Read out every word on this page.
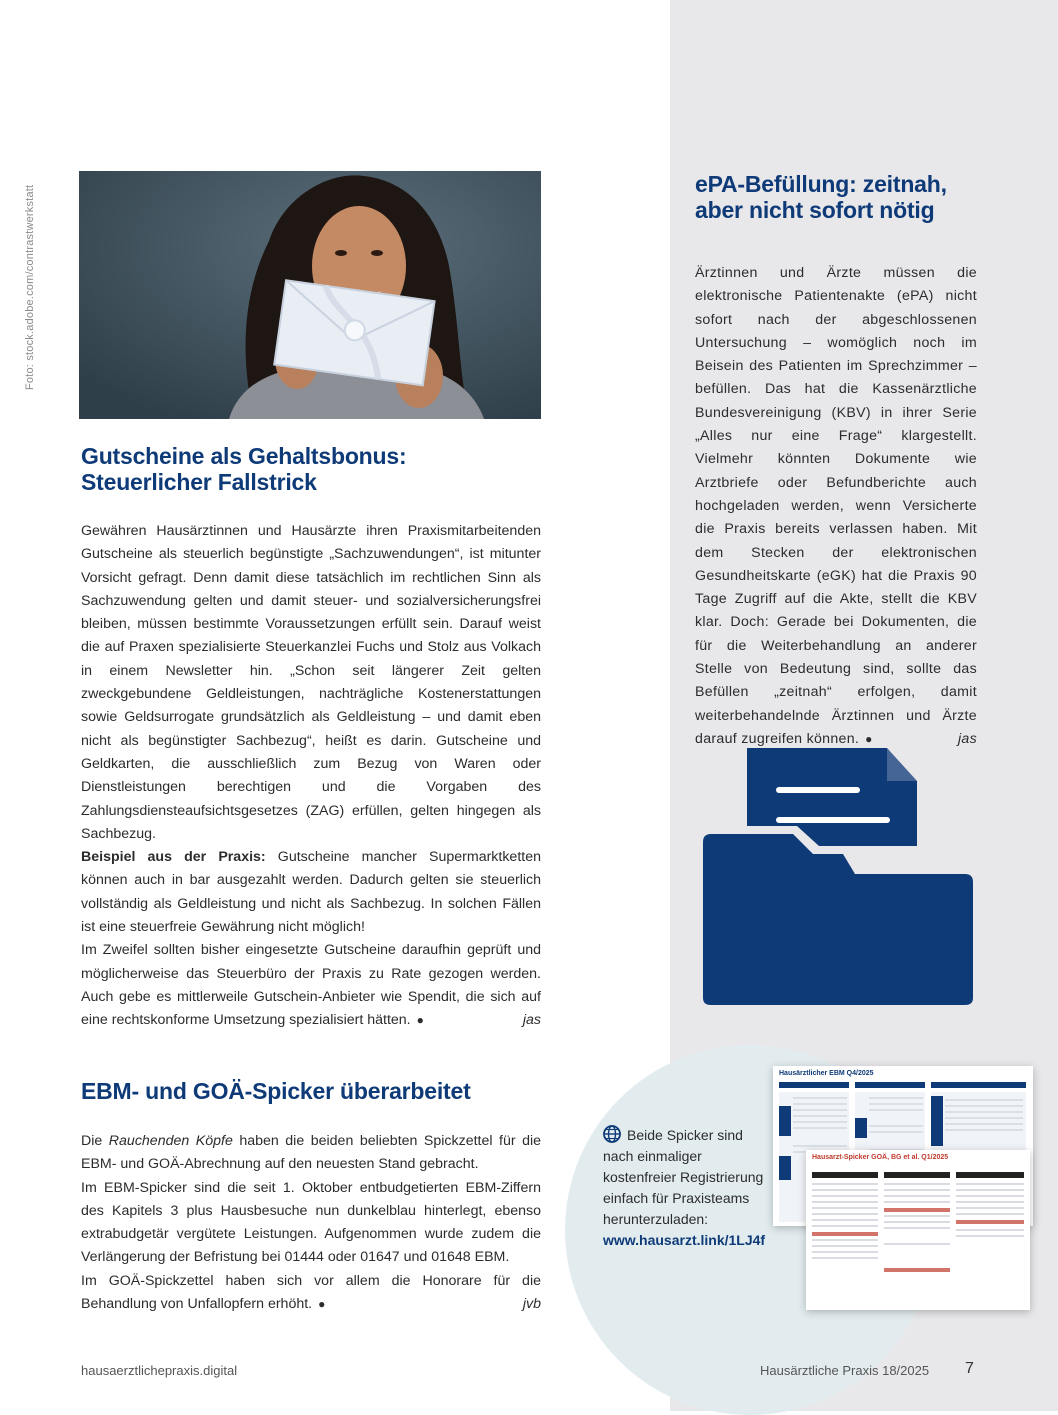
Foto: stock.adobe.com/contrastwerkstatt
Gutscheine als Gehaltsbonus:
Steuerlicher Fallstrick

Gewähren Hausärztinnen und Hausärzte ihren Praxismitarbeitenden Gutscheine als steuerlich begünstigte „Sachzuwendungen“, ist mitunter Vorsicht gefragt. Denn damit diese tatsächlich im rechtlichen Sinn als Sachzuwendung gelten und damit steuer- und sozialversicherungsfrei bleiben, müssen bestimmte Voraussetzungen erfüllt sein. Darauf weist die auf Praxen spezialisierte Steuerkanzlei Fuchs und Stolz aus Volkach in einem Newsletter hin. „Schon seit längerer Zeit gelten zweckgebundene Geldleistungen, nachträgliche Kostenerstattungen sowie Geldsurrogate grundsätzlich als Geldleistung – und damit eben nicht als begünstigter Sachbezug“, heißt es darin. Gutscheine und Geldkarten, die ausschließlich zum Bezug von Waren oder Dienstleistungen berechtigen und die Vorgaben des Zahlungsdiensteaufsichtsgesetzes (ZAG) erfüllen, gelten hingegen als Sachbezug.

Beispiel aus der Praxis: Gutscheine mancher Supermarktketten können auch in bar ausgezahlt werden. Dadurch gelten sie steuerlich vollständig als Geldleistung und nicht als Sachbezug. In solchen Fällen ist eine steuerfreie Gewährung nicht möglich!

Im Zweifel sollten bisher eingesetzte Gutscheine daraufhin geprüft und möglicherweise das Steuerbüro der Praxis zu Rate gezogen werden. Auch gebe es mittlerweile Gutschein-Anbieter wie Spendit, die sich auf eine rechtskonforme Umsetzung spezialisiert hätten. ●	jas

ePA-Befüllung: zeitnah,
aber nicht sofort nötig

Ärztinnen und Ärzte müssen die elektronische Patientenakte (ePA) nicht sofort nach der abgeschlossenen Untersuchung – womöglich noch im Beisein des Patienten im Sprechzimmer – befüllen. Das hat die Kassenärztliche Bundesvereinigung (KBV) in ihrer Serie „Alles nur eine Frage“ klargestellt. Vielmehr könnten Dokumente wie Arztbriefe oder Befundberichte auch hochgeladen werden, wenn Versicherte die Praxis bereits verlassen haben. Mit dem Stecken der elektronischen Gesundheitskarte (eGK) hat die Praxis 90 Tage Zugriff auf die Akte, stellt die KBV klar. Doch: Gerade bei Dokumenten, die für die Weiterbehandlung an anderer Stelle von Bedeutung sind, sollte das Befüllen „zeitnah“ erfolgen, damit weiterbehandelnde Ärztinnen und Ärzte darauf zugreifen können. ●	jas

EBM- und GOÄ-Spicker überarbeitet

Die Rauchenden Köpfe haben die beiden beliebten Spickzettel für die EBM- und GOÄ-Abrechnung auf den neuesten Stand gebracht.

Im EBM-Spicker sind die seit 1. Oktober entbudgetierten EBM-Ziffern des Kapitels 3 plus Hausbesuche nun dunkelblau hinterlegt, ebenso extrabudgetär vergütete Leistungen. Aufgenommen wurde zudem die Verlängerung der Befristung bei 01444 oder 01647 und 01648 EBM.

Im GOÄ-Spickzettel haben sich vor allem die Honorare für die Behandlung von Unfallopfern erhöht. ●	jvb

Beide Spicker sind nach einmaliger kostenfreier Registrierung einfach für Praxisteams herunterzuladen:
www.hausarzt.link/1LJ4f
Hausärztlicher EBM Q4/2025
Hausarzt-Spicker GOÄ, BG et al. Q1/2025
hausaerztlichepraxis.digital	Hausärztliche Praxis 18/2025 7
